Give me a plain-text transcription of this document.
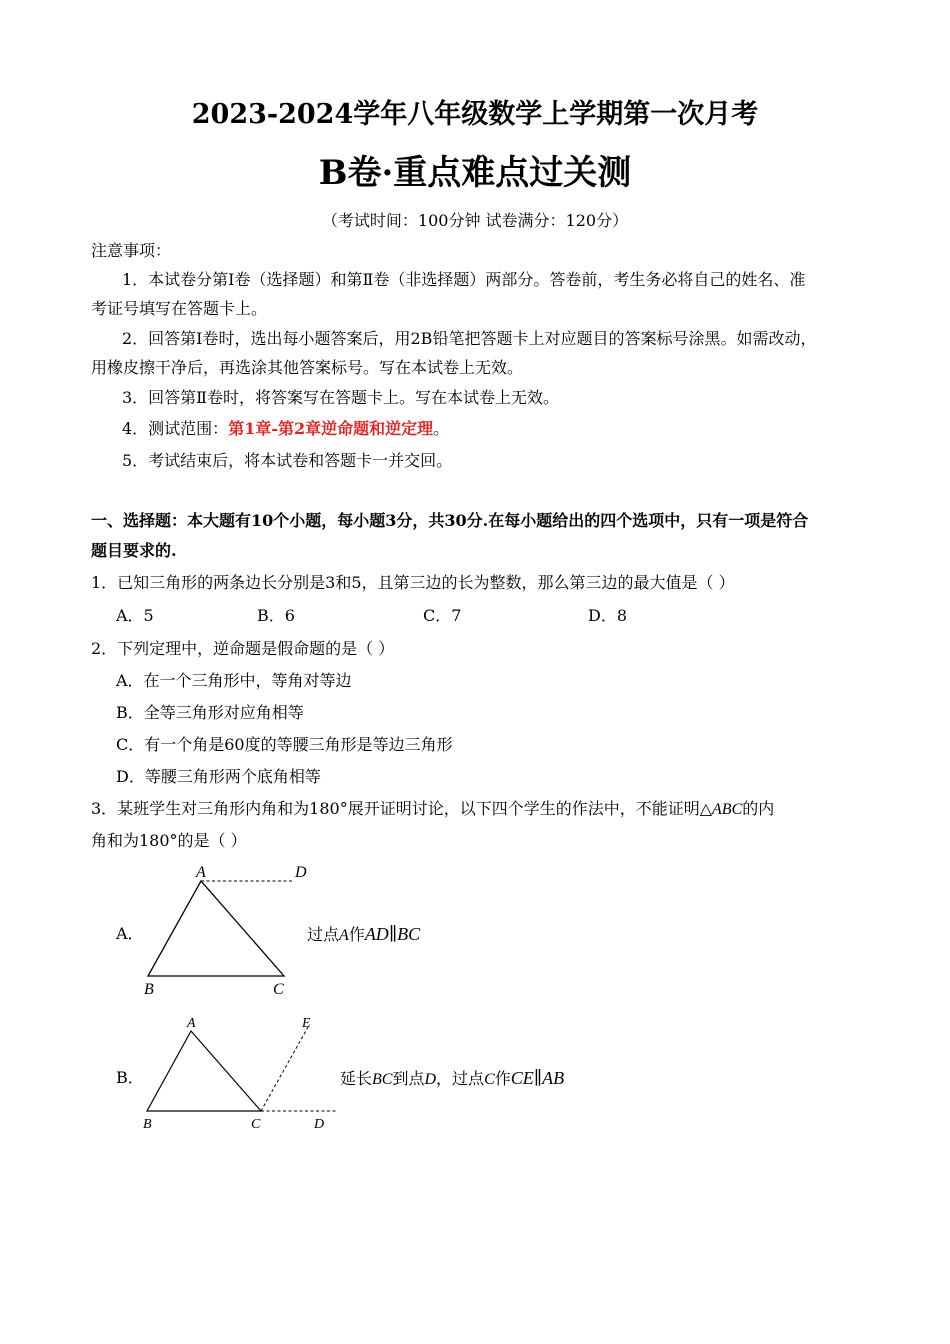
2023-2024学年八年级数学上学期第一次月考
B卷·重点难点过关测
（考试时间：100分钟 试卷满分：120分）
注意事项：
1．本试卷分第Ⅰ卷（选择题）和第Ⅱ卷（非选择题）两部分。答卷前，考生务必将自己的姓名、准
考证号填写在答题卡上。
2．回答第Ⅰ卷时，选出每小题答案后，用2B铅笔把答题卡上对应题目的答案标号涂黑。如需改动，
用橡皮擦干净后，再选涂其他答案标号。写在本试卷上无效。
3．回答第Ⅱ卷时，将答案写在答题卡上。写在本试卷上无效。
4．测试范围：第1章-第2章逆命题和逆定理。
5．考试结束后，将本试卷和答题卡一并交回。
一、选择题：本大题有10个小题，每小题3分，共30分.在每小题给出的四个选项中，只有一项是符合
题目要求的.
1．已知三角形的两条边长分别是3和5，且第三边的长为整数，那么第三边的最大值是（ ）
A．5	B．6	C．7	D．8
2．下列定理中，逆命题是假命题的是（ ）
A．在一个三角形中，等角对等边
B．全等三角形对应角相等
C．有一个角是60度的等腰三角形是等边三角形
D．等腰三角形两个底角相等
3．某班学生对三角形内角和为180°展开证明讨论，以下四个学生的作法中，不能证明△ABC的内
角和为180°的是（ ）
A．
A	D
B	C
过点A作AD∥BC
B．
A	E
B	C	D
延长BC到点D，过点C作CE∥AB
